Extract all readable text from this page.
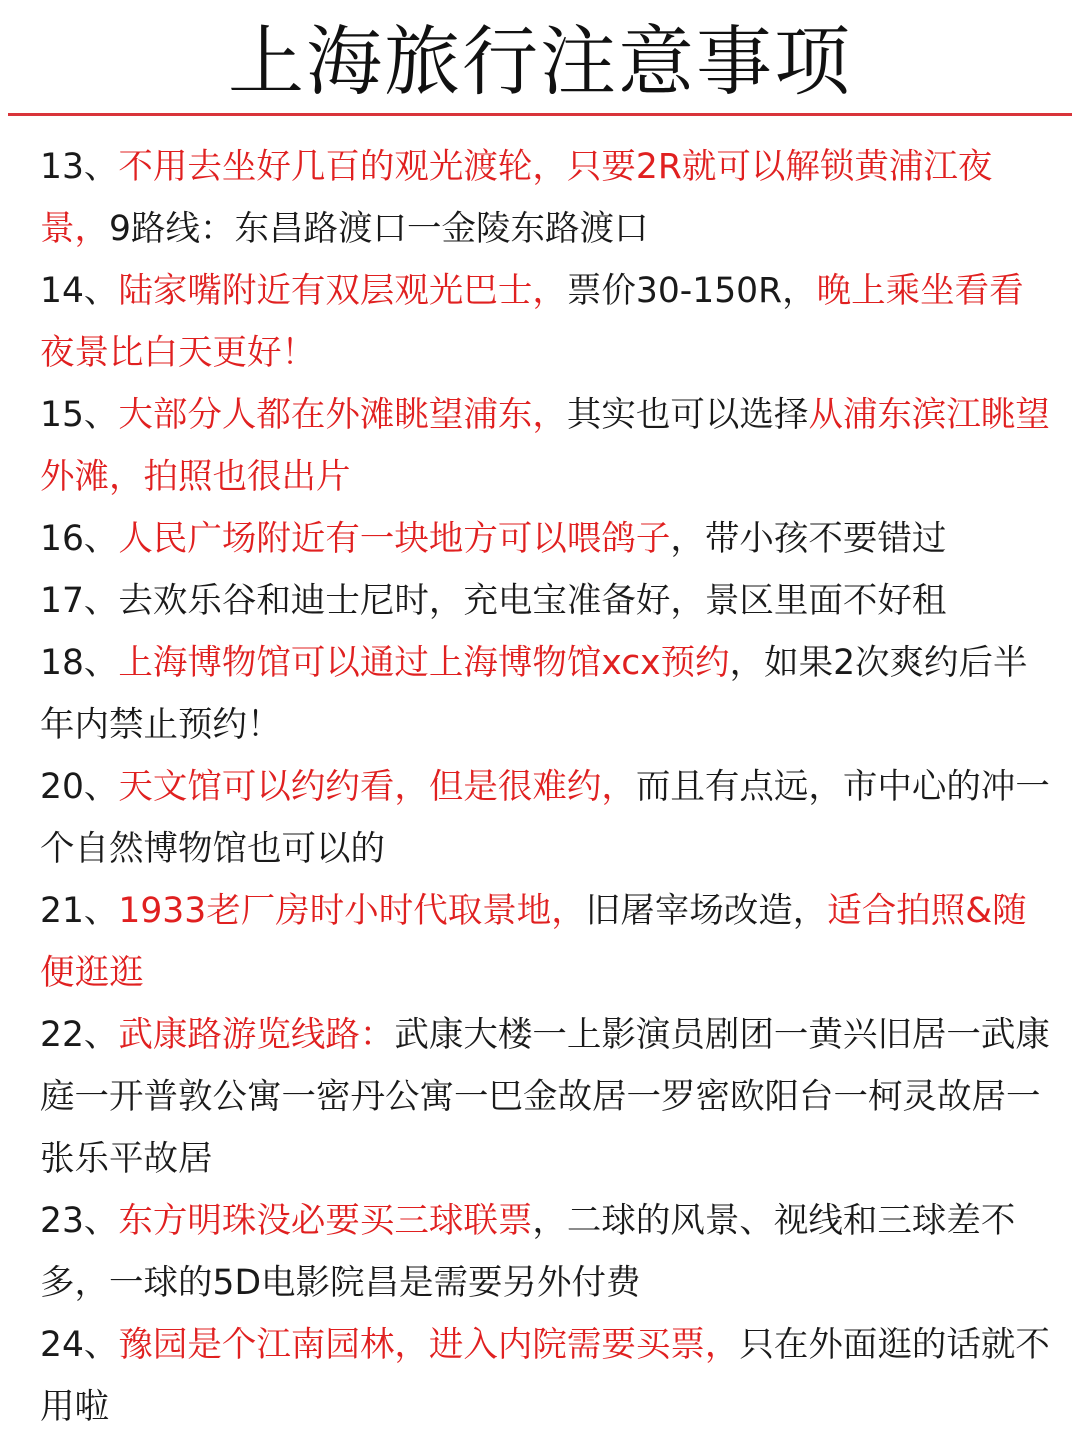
上海旅行注意事项
13、不用去坐好几百的观光渡轮，只要2R就可以解锁黄浦江夜景，9路线：东昌路渡口一金陵东路渡口
14、陆家嘴附近有双层观光巴士，票价30-150R，晚上乘坐看看夜景比白天更好！
15、大部分人都在外滩眺望浦东，其实也可以选择从浦东滨江眺望外滩，拍照也很出片
16、人民广场附近有一块地方可以喂鸽子，带小孩不要错过
17、去欢乐谷和迪士尼时，充电宝准备好，景区里面不好租
18、上海博物馆可以通过上海博物馆xcx预约，如果2次爽约后半年内禁止预约！
20、天文馆可以约约看，但是很难约，而且有点远，市中心的冲一个自然博物馆也可以的
21、1933老厂房时小时代取景地，旧屠宰场改造，适合拍照&随便逛逛
22、武康路游览线路：武康大楼一上影演员剧团一黄兴旧居一武康庭一开普敦公寓一密丹公寓一巴金故居一罗密欧阳台一柯灵故居一张乐平故居
23、东方明珠没必要买三球联票，二球的风景、视线和三球差不多，一球的5D电影院昌是需要另外付费
24、豫园是个江南园林，进入内院需要买票，只在外面逛的话就不用啦
